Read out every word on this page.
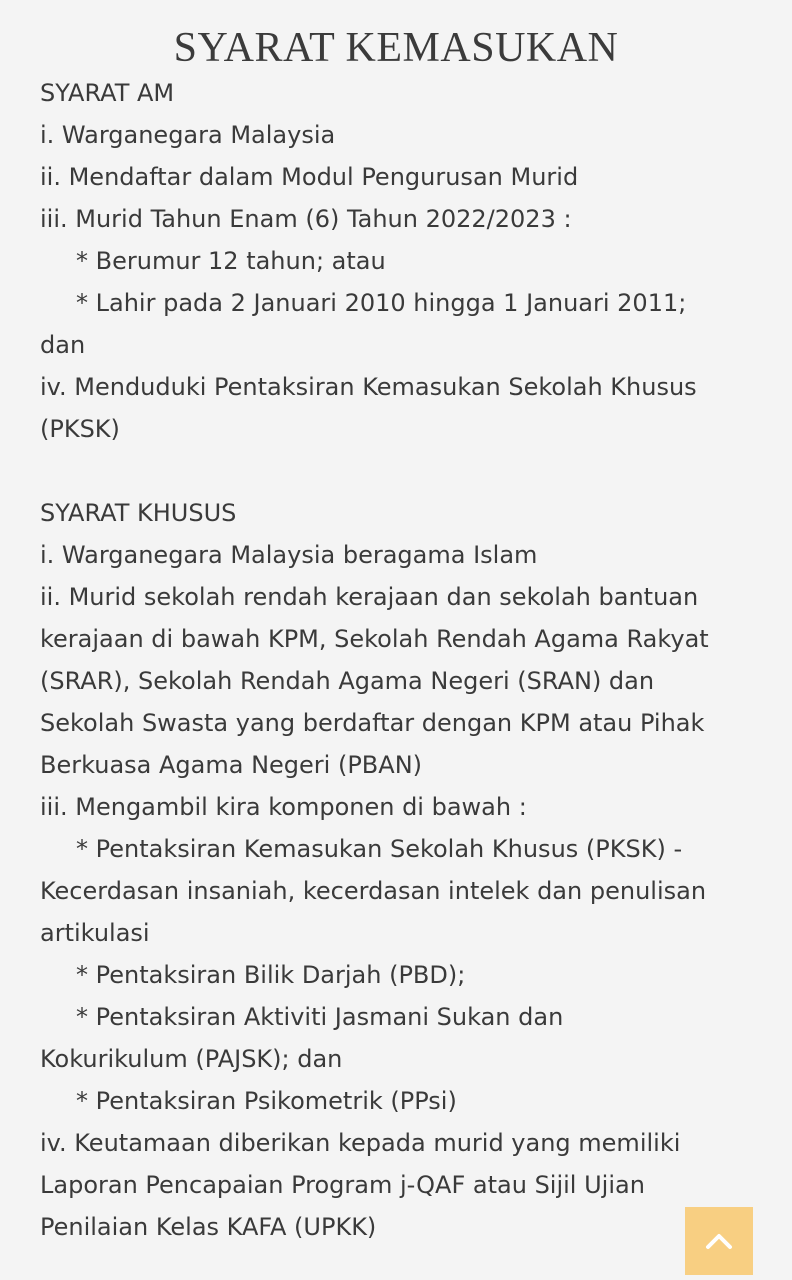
SYARAT KEMASUKAN
SYARAT AM
i. Warganegara Malaysia
ii. Mendaftar dalam Modul Pengurusan Murid
iii. Murid Tahun Enam (6) Tahun 2022/2023 :
* Berumur 12 tahun; atau
* Lahir pada 2 Januari 2010 hingga 1 Januari 2011;
dan
iv. Menduduki Pentaksiran Kemasukan Sekolah Khusus
(PKSK)
SYARAT KHUSUS
i. Warganegara Malaysia beragama Islam
ii. Murid sekolah rendah kerajaan dan sekolah bantuan
kerajaan di bawah KPM, Sekolah Rendah Agama Rakyat
(SRAR), Sekolah Rendah Agama Negeri (SRAN) dan
Sekolah Swasta yang berdaftar dengan KPM atau Pihak
Berkuasa Agama Negeri (PBAN)
iii. Mengambil kira komponen di bawah :
* Pentaksiran Kemasukan Sekolah Khusus (PKSK) -
Kecerdasan insaniah, kecerdasan intelek dan penulisan
artikulasi
* Pentaksiran Bilik Darjah (PBD);
* Pentaksiran Aktiviti Jasmani Sukan dan
Kokurikulum (PAJSK); dan
* Pentaksiran Psikometrik (PPsi)
iv. Keutamaan diberikan kepada murid yang memiliki
Laporan Pencapaian Program j-QAF atau Sijil Ujian
Penilaian Kelas KAFA (UPKK)
